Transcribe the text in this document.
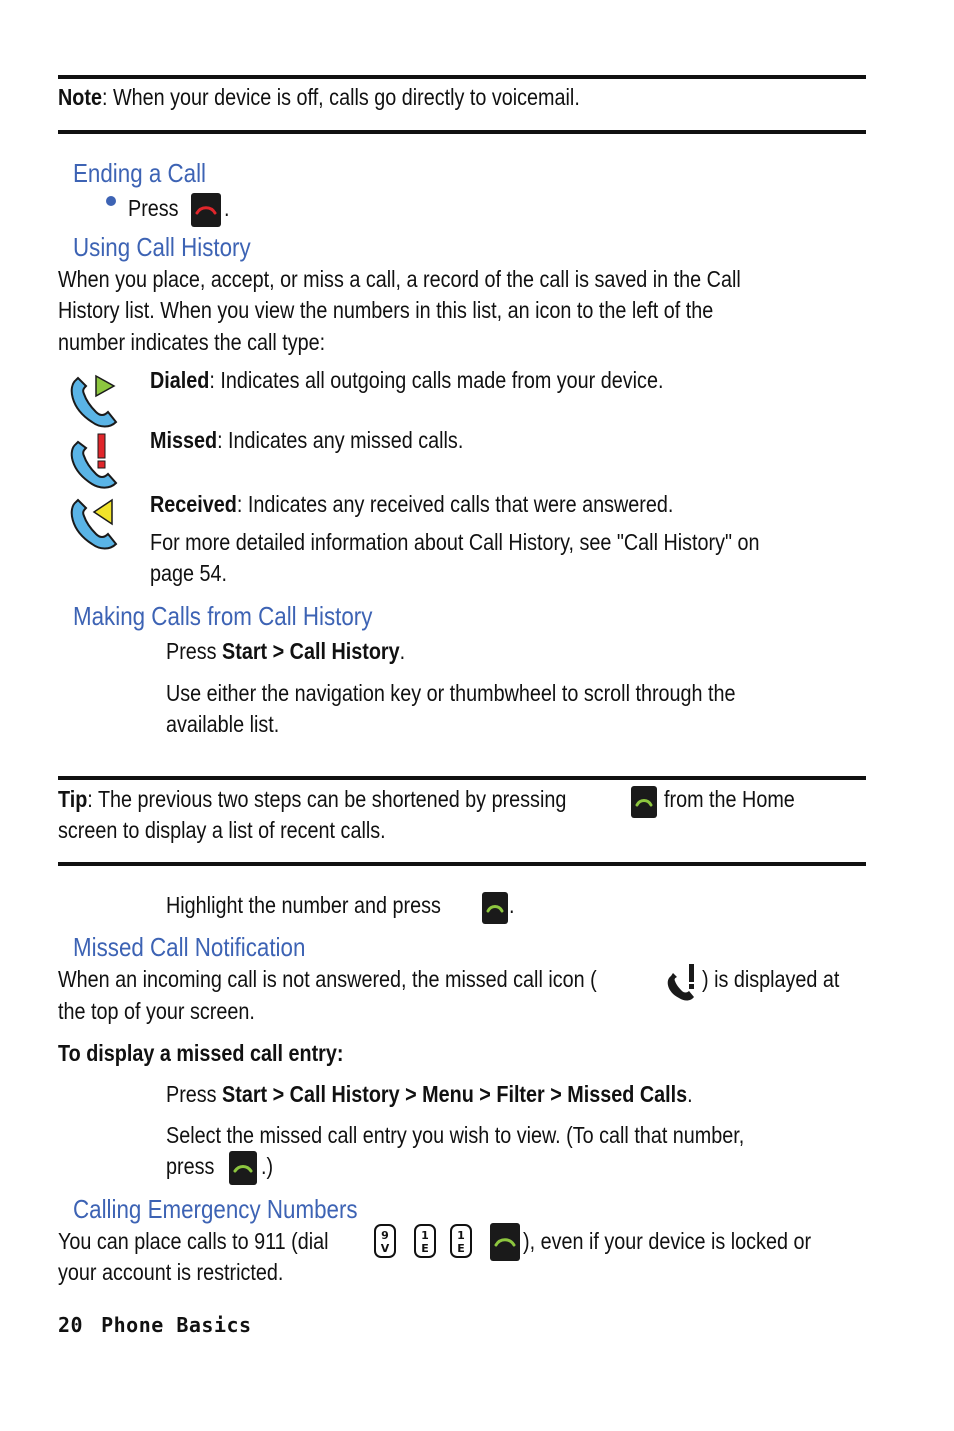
Note: When your device is off, calls go directly to voicemail.
Ending a Call
Press .
Using Call History
When you place, accept, or miss a call, a record of the call is saved in the Call
History list. When you view the numbers in this list, an icon to the left of the
number indicates the call type:
Dialed: Indicates all outgoing calls made from your device.
Missed: Indicates any missed calls.
Received: Indicates any received calls that were answered.
For more detailed information about Call History, see "Call History" on
page 54.
Making Calls from Call History
Press Start > Call History.
Use either the navigation key or thumbwheel to scroll through the
available list.
Tip: The previous two steps can be shortened by pressing	from the Home
screen to display a list of recent calls.
Highlight the number and press	.
Missed Call Notification
When an incoming call is not answered, the missed call icon (	) is displayed at
the top of your screen.
To display a missed call entry:
Press Start > Call History > Menu > Filter > Missed Calls.
Select the missed call entry you wish to view. (To call that number,
press .)
Calling Emergency Numbers
You can place calls to 911 (dial	9
V
1
E
1
E	), even if your device is locked or
your account is restricted.
20 Phone Basics
